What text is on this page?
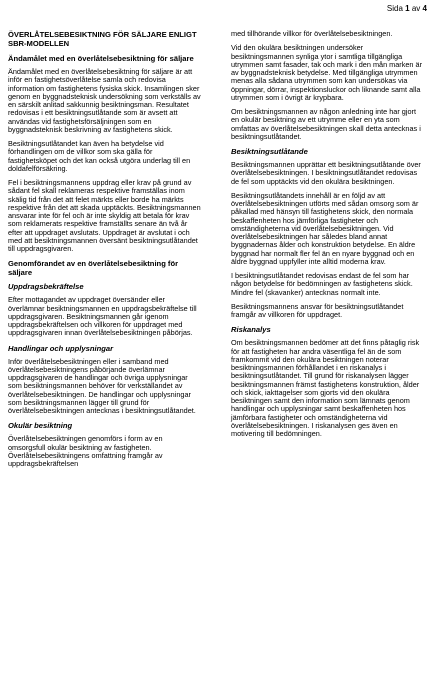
Sida 1 av 4
ÖVERLÅTELSEBESIKTNING FÖR SÄLJARE ENLIGT SBR-MODELLEN
Ändamålet med en överlåtelsebesiktning för säljare

Ändamålet med en överlåtelsebesiktning för säljare är att inför en fastighetsöverlåtelse samla och redovisa information om fastighetens fysiska skick. Insamlingen sker genom en byggnadsteknisk undersökning som verkställs av en särskilt anlitad sakkunnig besiktningsman. Resultatet redovisas i ett besiktningsutlåtande som är avsett att användas vid fastighetsförsäljningen som en byggnadsteknisk beskrivning av fastighetens skick.

Besiktningsutlåtandet kan även ha betydelse vid förhandlingen om de villkor som ska gälla för fastighetsköpet och det kan också utgöra underlag till en doldafelförsäkring.

Fel i besiktningsmannens uppdrag eller krav på grund av sådant fel skall reklameras respektive framställas inom skälig tid från det att felet märkts eller borde ha märkts respektive från det att skada upptäckts. Besiktningsmannen ansvarar inte för fel och är inte skyldig att betala för krav som reklamerats respektive framställts senare än två år efter att uppdraget avslutats. Uppdraget är avslutat i och med att besiktningsmannen översänt besiktningsutlåtandet till uppdragsgivaren.

Genomförandet av en överlåtelsebesiktning för säljare
Uppdragsbekräftelse

Efter mottagandet av uppdraget översänder eller överlämnar besiktningsmannen en uppdragsbekräftelse till uppdragsgivaren. Besiktningsmannen går igenom uppdragsbekräftelsen och villkoren för uppdraget med uppdragsgivaren innan överlåtelsebesiktningen påbörjas.

Handlingar och upplysningar

Inför överlåtelsebesiktningen eller i samband med överlåtelsebesiktningens påbörjande överlämnar uppdragsgivaren de handlingar och övriga upplysningar som besiktningsmannen behöver för verkställandet av överlåtelsebesiktningen. De handlingar och upplysningar som besiktningsmannen lägger till grund för överlåtelsebesiktningen antecknas i besiktningsutlåtandet.

Okulär besiktning

Överlåtelsebesiktningen genomförs i form av en omsorgsfull okulär besiktning av fastigheten. Överlåtelsebesiktningens omfattning framgår av uppdragsbekräftelsen

med tillhörande villkor för överlåtelsebesiktningen.

Vid den okulära besiktningen undersöker besiktningsmannen synliga ytor i samtliga tillgängliga utrymmen samt fasader, tak och mark i den mån marken är av byggnadsteknisk betydelse. Med tillgängliga utrymmen menas alla sådana utrymmen som kan undersökas via öppningar, dörrar, inspektionsluckor och liknande samt alla utrymmen som i övrigt är krypbara.

Om besiktningsmannen av någon anledning inte har gjort en okulär besiktning av ett utrymme eller en yta som omfattas av överlåtelsebesiktningen skall detta antecknas i besiktningsutlåtandet.

Besiktningsutlåtande

Besiktningsmannen upprättar ett besiktningsutlåtande över överlåtelsebesiktningen. I besiktningsutlåtandet redovisas de fel som upptäckts vid den okulära besiktningen.

Besiktningsutlåtandets innehåll är en följd av att överlåtelsebesiktningen utförts med sådan omsorg som är påkallad med hänsyn till fastighetens skick, den normala beskaffenheten hos jämförliga fastigheter och omständigheterna vid överlåtelsebesiktningen. Vid överlåtelsebesiktningen har således bland annat byggnadernas ålder och konstruktion betydelse. En äldre byggnad har normalt fler fel än en nyare byggnad och en äldre byggnad uppfyller inte alltid moderna krav.

I besiktningsutlåtandet redovisas endast de fel som har någon betydelse för bedömningen av fastighetens skick. Mindre fel (skavanker) antecknas normalt inte.

Besiktningsmannens ansvar för besiktningsutlåtandet framgår av villkoren för uppdraget.

Riskanalys

Om besiktningsmannen bedömer att det finns påtaglig risk för att fastigheten har andra väsentliga fel än de som framkommit vid den okulära besiktningen noterar besiktningsmannen förhållandet i en riskanalys i besiktningsutlåtandet. Till grund för riskanalysen lägger besiktningsmannen främst fastighetens konstruktion, ålder och skick, iakttagelser som gjorts vid den okulära besiktningen samt den information som lämnats genom handlingar och upplysningar samt beskaffenheten hos jämförbara fastigheter och omständigheterna vid överlåtelsebesiktningen. I riskanalysen ges även en motivering till bedömningen.
